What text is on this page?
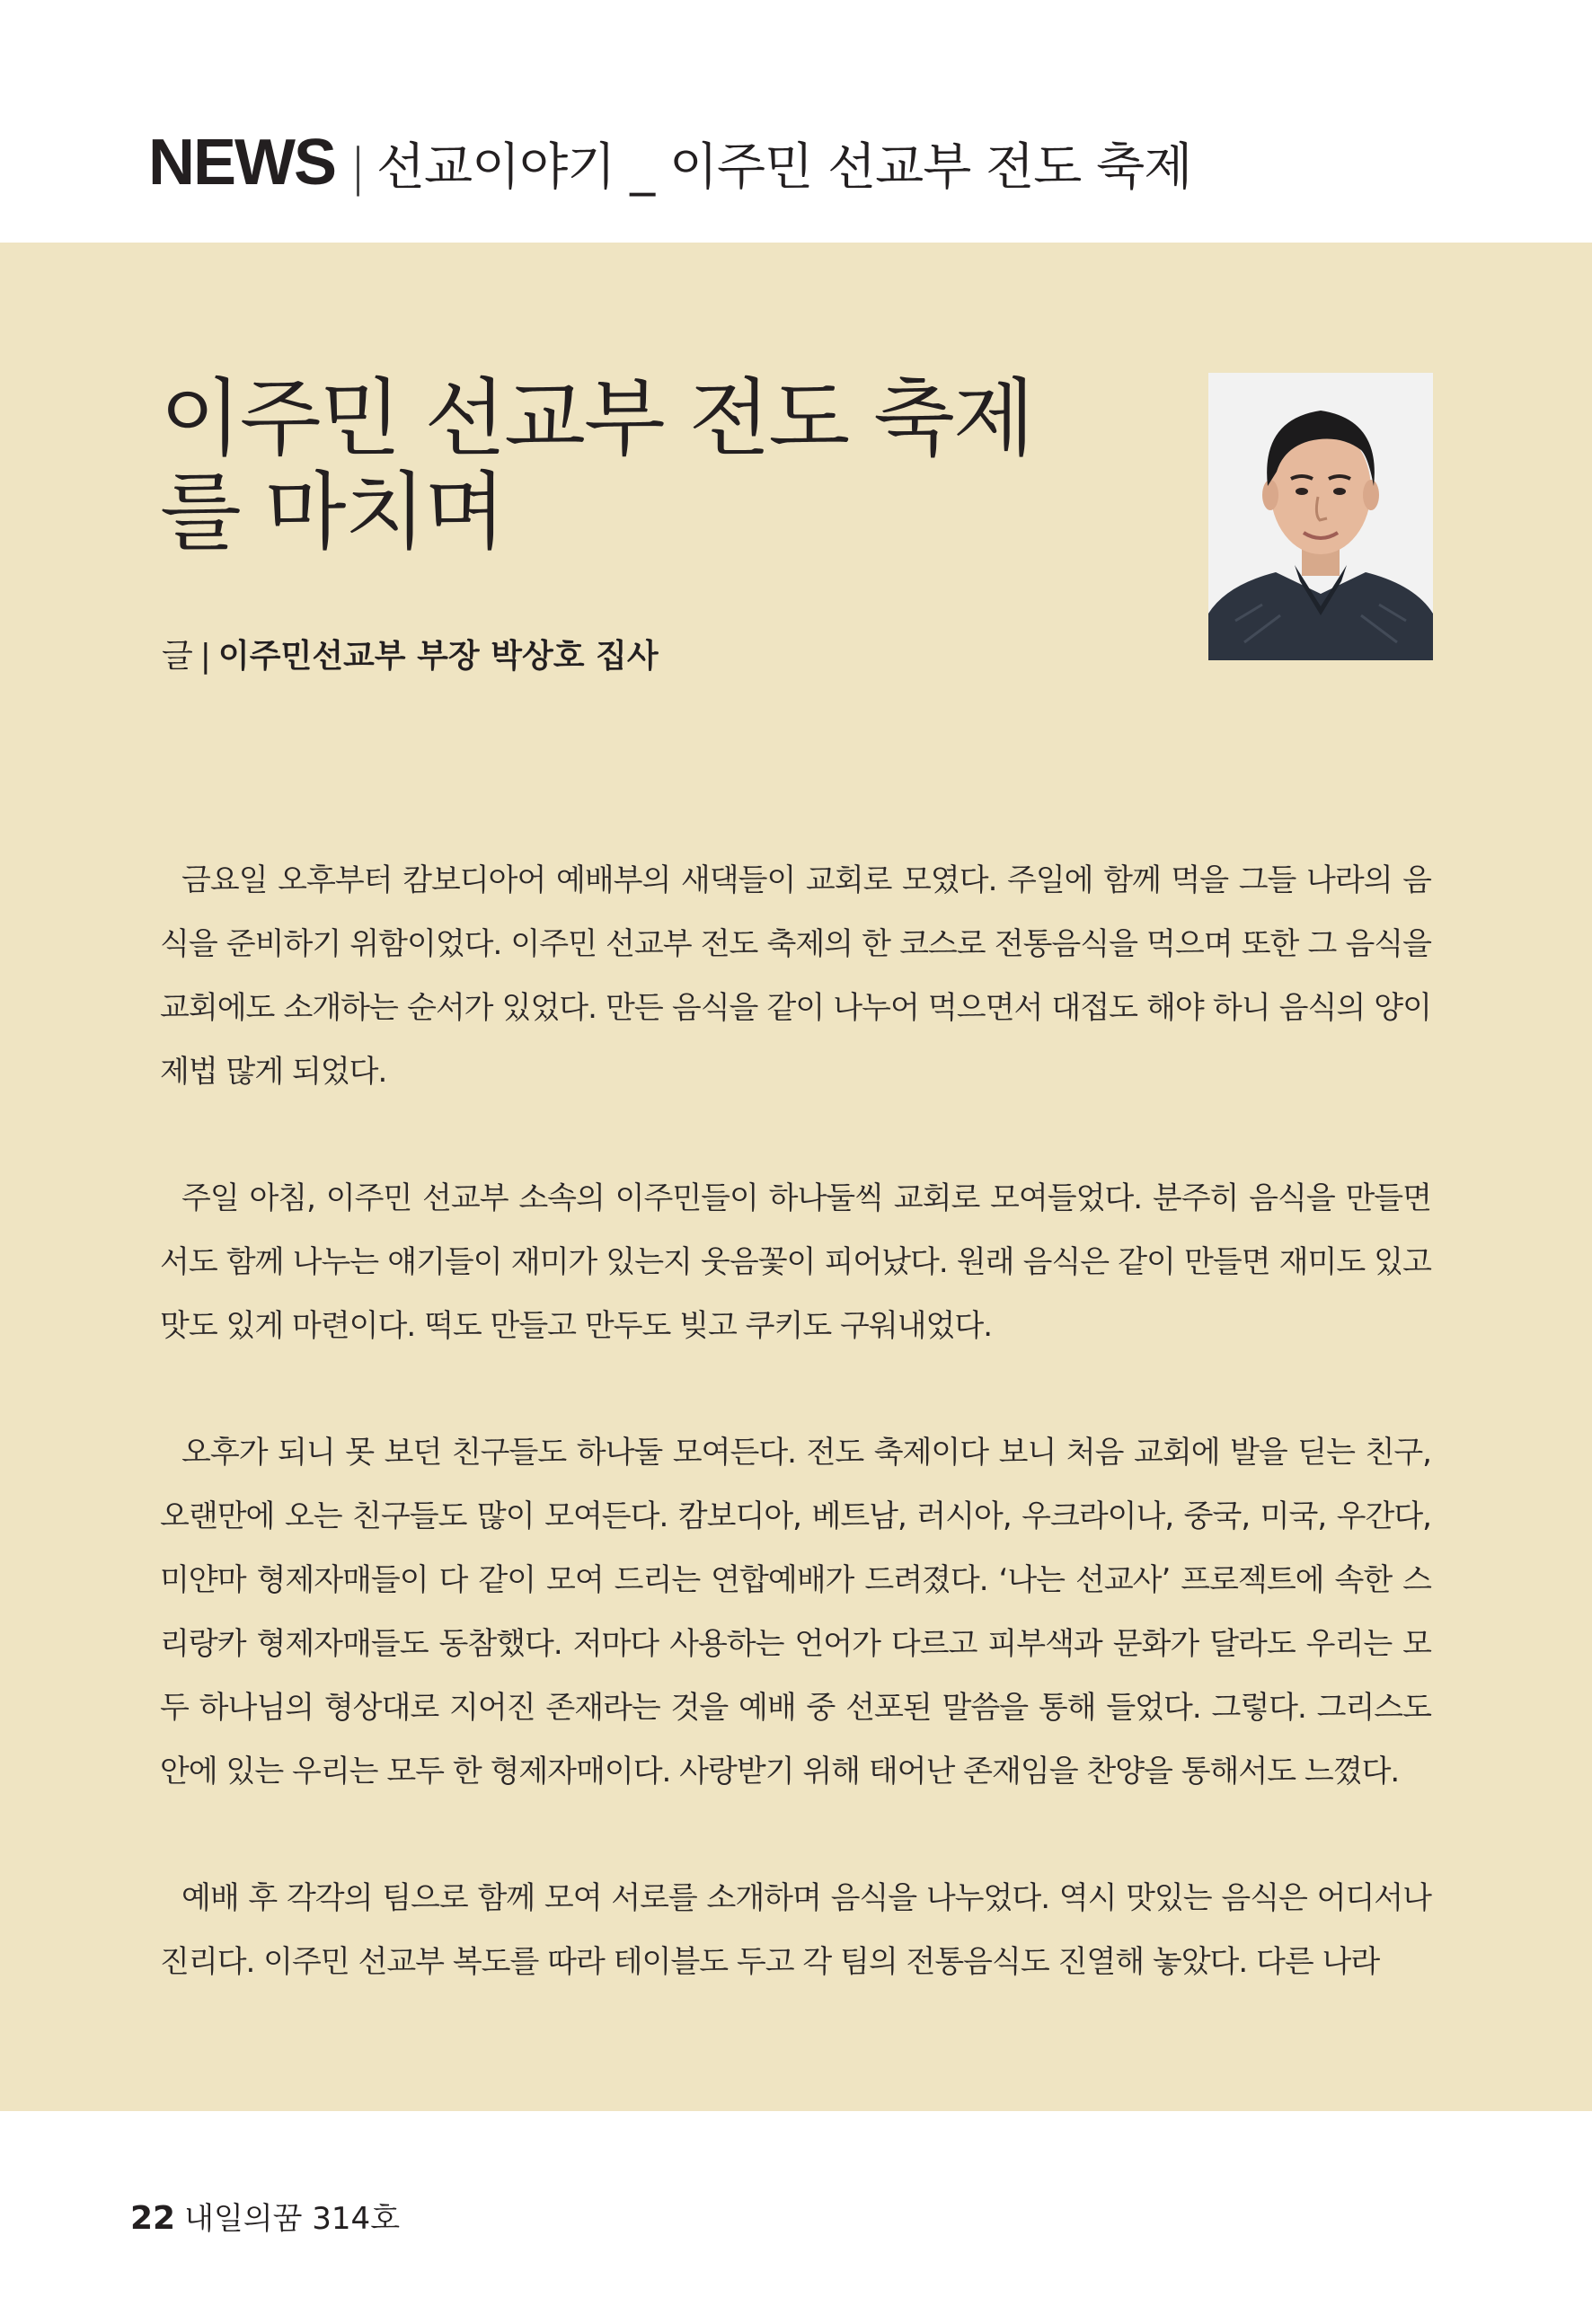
NEWS | 선교이야기 _ 이주민 선교부 전도 축제
이주민 선교부 전도 축제를 마치며
글 | 이주민선교부 부장 박상호 집사

금요일 오후부터 캄보디아어 예배부의 새댁들이 교회로 모였다. 주일에 함께 먹을 그들 나라의 음식을 준비하기 위함이었다. 이주민 선교부 전도 축제의 한 코스로 전통음식을 먹으며 또한 그 음식을 교회에도 소개하는 순서가 있었다. 만든 음식을 같이 나누어 먹으면서 대접도 해야 하니 음식의 양이 제법 많게 되었다.

주일 아침, 이주민 선교부 소속의 이주민들이 하나둘씩 교회로 모여들었다. 분주히 음식을 만들면서도 함께 나누는 얘기들이 재미가 있는지 웃음꽃이 피어났다. 원래 음식은 같이 만들면 재미도 있고 맛도 있게 마련이다. 떡도 만들고 만두도 빚고 쿠키도 구워내었다.

오후가 되니 못 보던 친구들도 하나둘 모여든다. 전도 축제이다 보니 처음 교회에 발을 딛는 친구, 오랜만에 오는 친구들도 많이 모여든다. 캄보디아, 베트남, 러시아, 우크라이나, 중국, 미국, 우간다, 미얀마 형제자매들이 다 같이 모여 드리는 연합예배가 드려졌다. ‘나는 선교사’ 프로젝트에 속한 스리랑카 형제자매들도 동참했다. 저마다 사용하는 언어가 다르고 피부색과 문화가 달라도 우리는 모두 하나님의 형상대로 지어진 존재라는 것을 예배 중 선포된 말씀을 통해 들었다. 그렇다. 그리스도 안에 있는 우리는 모두 한 형제자매이다. 사랑받기 위해 태어난 존재임을 찬양을 통해서도 느꼈다.

예배 후 각각의 팀으로 함께 모여 서로를 소개하며 음식을 나누었다. 역시 맛있는 음식은 어디서나 진리다. 이주민 선교부 복도를 따라 테이블도 두고 각 팀의 전통음식도 진열해 놓았다. 다른 나라

22 내일의꿈 314호
